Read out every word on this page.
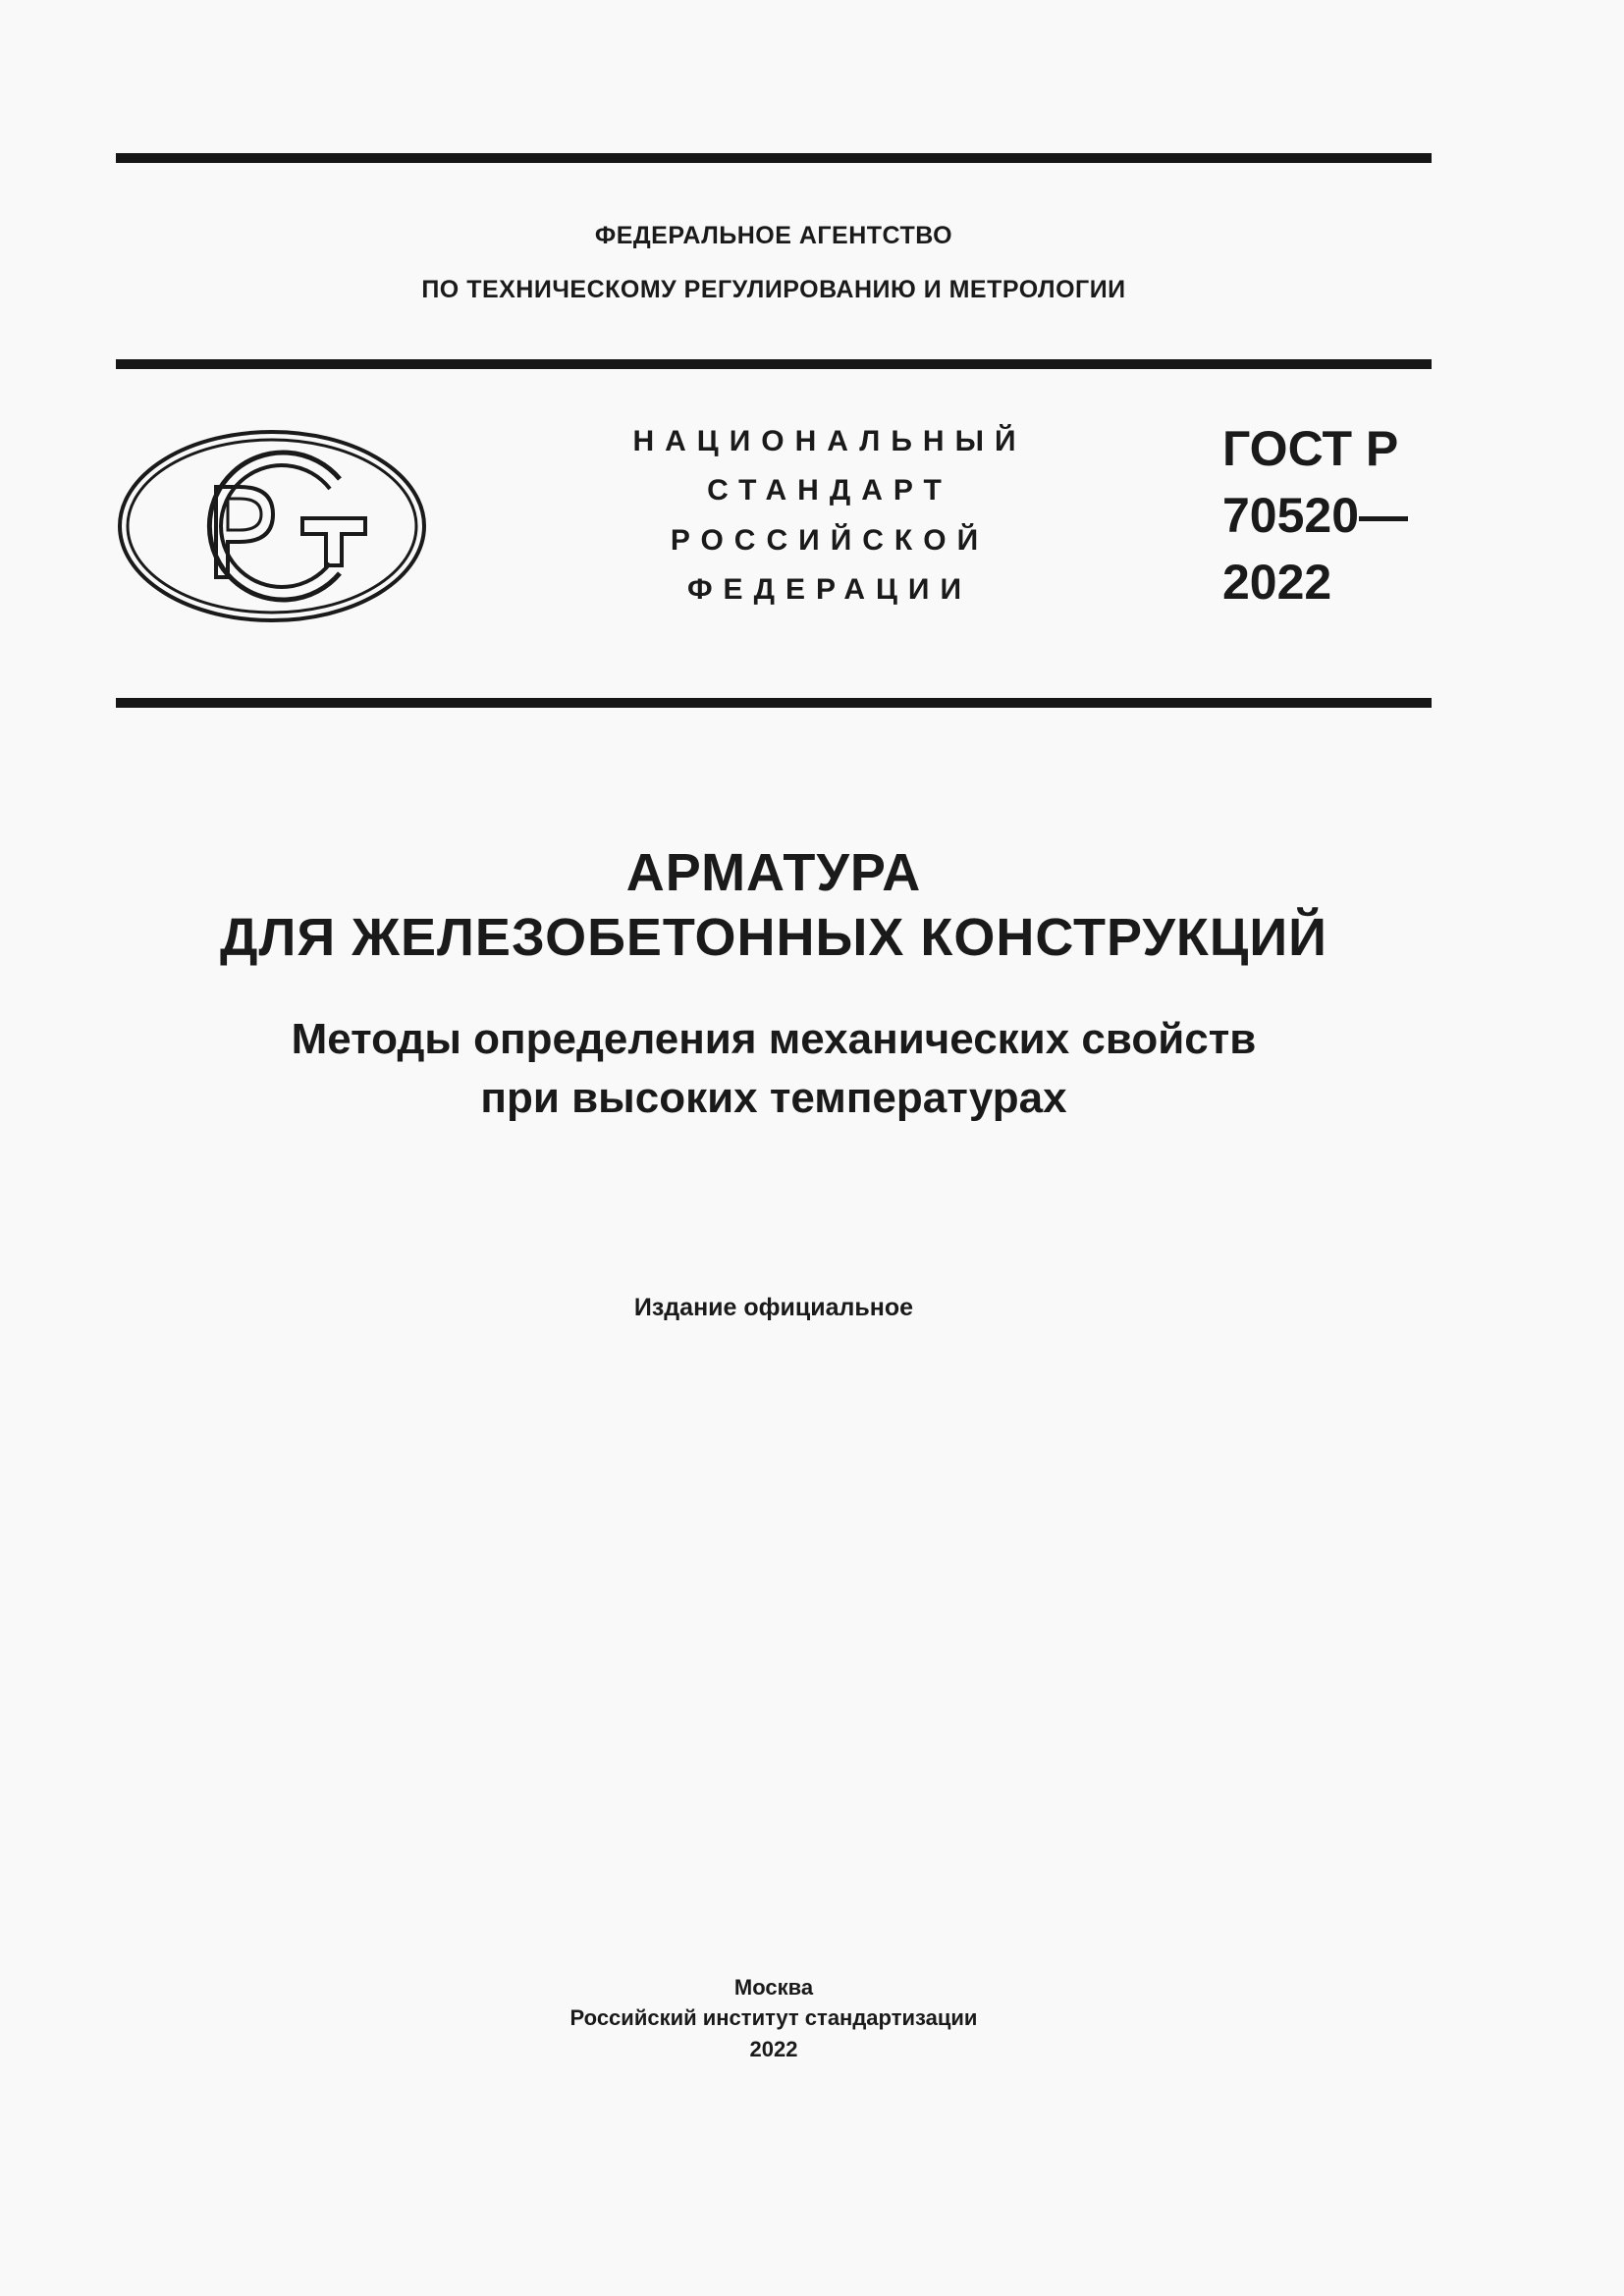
ФЕДЕРАЛЬНОЕ АГЕНТСТВО
ПО ТЕХНИЧЕСКОМУ РЕГУЛИРОВАНИЮ И МЕТРОЛОГИИ
НАЦИОНАЛЬНЫЙ
СТАНДАРТ
РОССИЙСКОЙ
ФЕДЕРАЦИИ
ГОСТ Р
70520—
2022
АРМАТУРА
ДЛЯ ЖЕЛЕЗОБЕТОННЫХ КОНСТРУКЦИЙ
Методы определения механических свойств
при высоких температурах
Издание официальное
Москва
Российский институт стандартизации
2022
